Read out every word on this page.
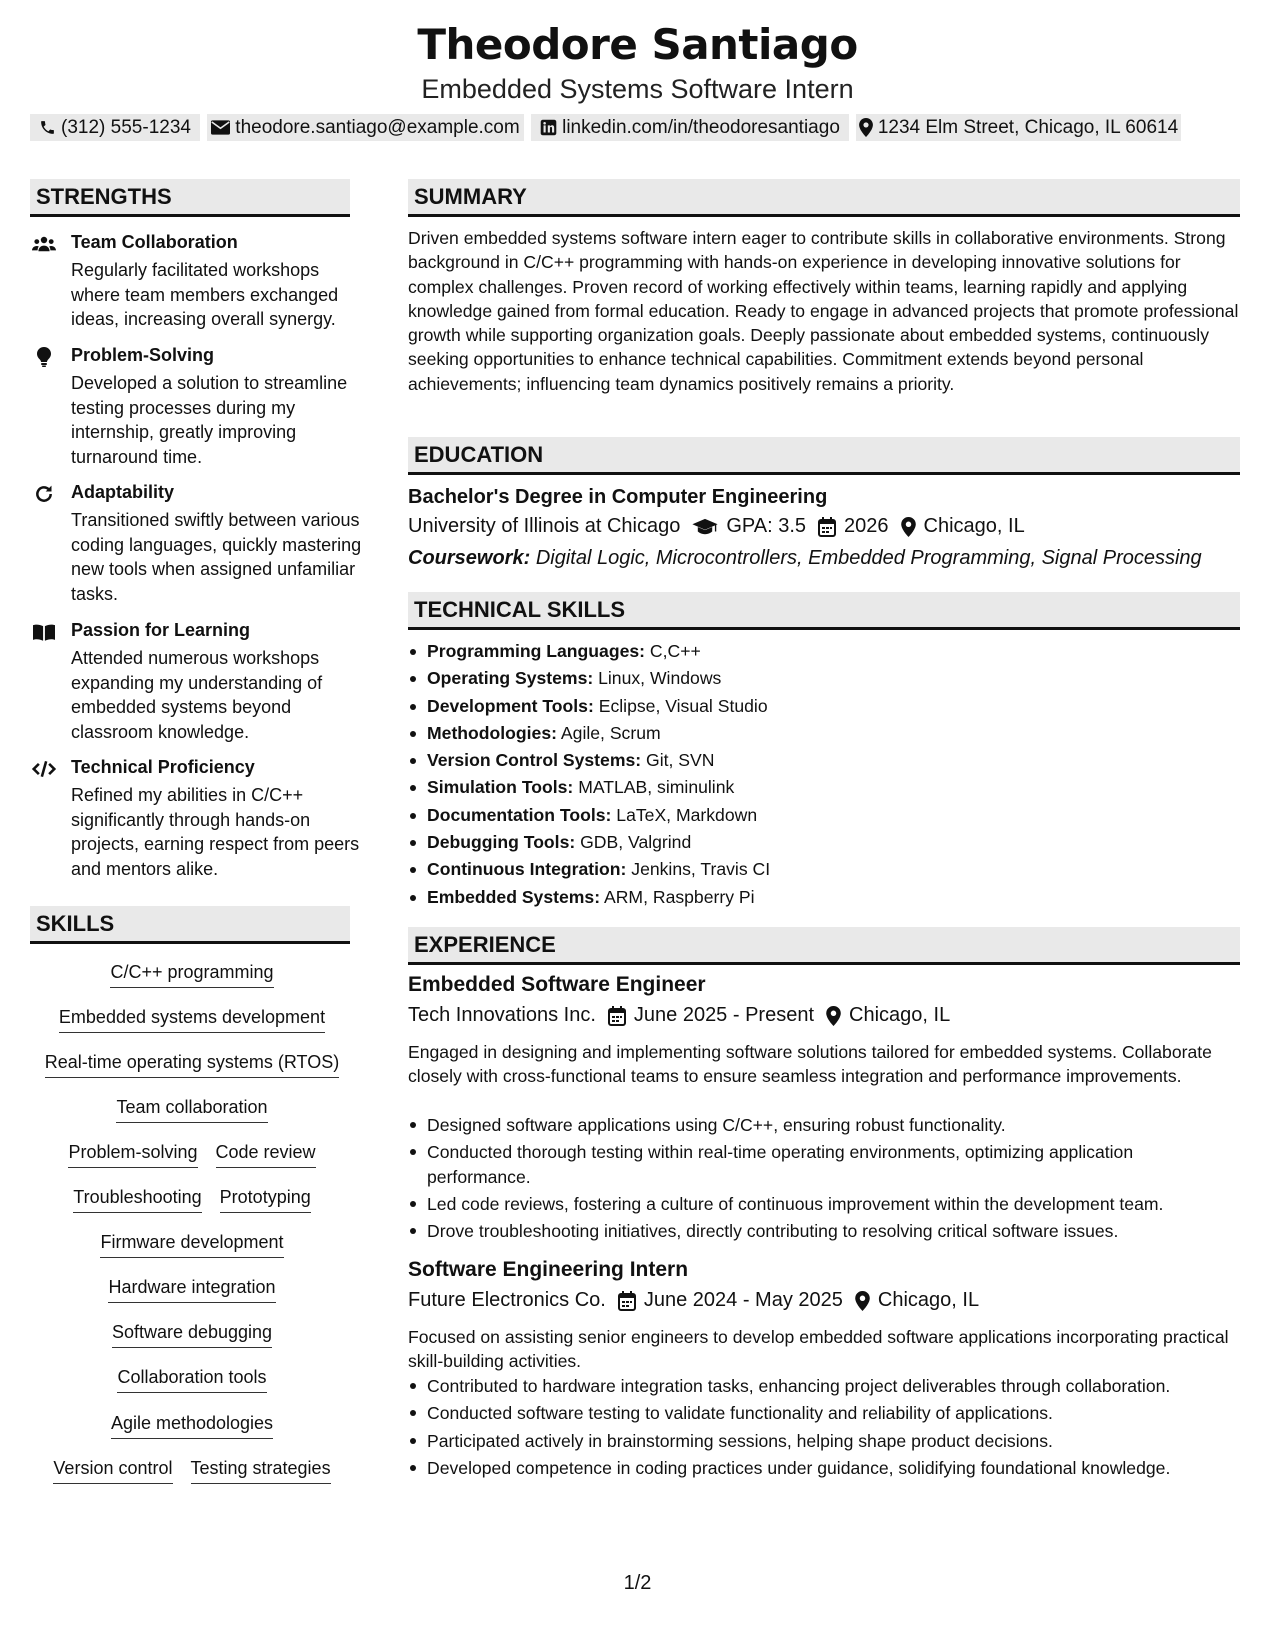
Theodore Santiago
Embedded Systems Software Intern
(312) 555-1234 theodore.santiago@example.com linkedin.com/in/theodoresantiago 1234 Elm Street, Chicago, IL 60614
STRENGTHS
Team Collaboration
Regularly facilitated workshops where team members exchanged ideas, increasing overall synergy.
Problem-Solving
Developed a solution to streamline testing processes during my internship, greatly improving turnaround time.
Adaptability
Transitioned swiftly between various coding languages, quickly mastering new tools when assigned unfamiliar tasks.
Passion for Learning
Attended numerous workshops expanding my understanding of embedded systems beyond classroom knowledge.
Technical Proficiency
Refined my abilities in C/C++ significantly through hands-on projects, earning respect from peers and mentors alike.
SKILLS
C/C++ programming
Embedded systems development
Real-time operating systems (RTOS)
Team collaboration
Problem-solving Code review
Troubleshooting Prototyping
Firmware development
Hardware integration
Software debugging
Collaboration tools
Agile methodologies
Version control Testing strategies
SUMMARY
Driven embedded systems software intern eager to contribute skills in collaborative environments. Strong background in C/C++ programming with hands-on experience in developing innovative solutions for complex challenges. Proven record of working effectively within teams, learning rapidly and applying knowledge gained from formal education. Ready to engage in advanced projects that promote professional growth while supporting organization goals. Deeply passionate about embedded systems, continuously seeking opportunities to enhance technical capabilities. Commitment extends beyond personal achievements; influencing team dynamics positively remains a priority.
EDUCATION
Bachelor's Degree in Computer Engineering
University of Illinois at Chicago GPA: 3.5 2026 Chicago, IL
Coursework: Digital Logic, Microcontrollers, Embedded Programming, Signal Processing
TECHNICAL SKILLS
Programming Languages: C,C++
Operating Systems: Linux, Windows
Development Tools: Eclipse, Visual Studio
Methodologies: Agile, Scrum
Version Control Systems: Git, SVN
Simulation Tools: MATLAB, siminulink
Documentation Tools: LaTeX, Markdown
Debugging Tools: GDB, Valgrind
Continuous Integration: Jenkins, Travis CI
Embedded Systems: ARM, Raspberry Pi
EXPERIENCE
Embedded Software Engineer
Tech Innovations Inc. June 2025 - Present Chicago, IL
Engaged in designing and implementing software solutions tailored for embedded systems. Collaborate closely with cross-functional teams to ensure seamless integration and performance improvements.
Designed software applications using C/C++, ensuring robust functionality.
Conducted thorough testing within real-time operating environments, optimizing application performance.
Led code reviews, fostering a culture of continuous improvement within the development team.
Drove troubleshooting initiatives, directly contributing to resolving critical software issues.
Software Engineering Intern
Future Electronics Co. June 2024 - May 2025 Chicago, IL
Focused on assisting senior engineers to develop embedded software applications incorporating practical skill-building activities.
Contributed to hardware integration tasks, enhancing project deliverables through collaboration.
Conducted software testing to validate functionality and reliability of applications.
Participated actively in brainstorming sessions, helping shape product decisions.
Developed competence in coding practices under guidance, solidifying foundational knowledge.
1/2
